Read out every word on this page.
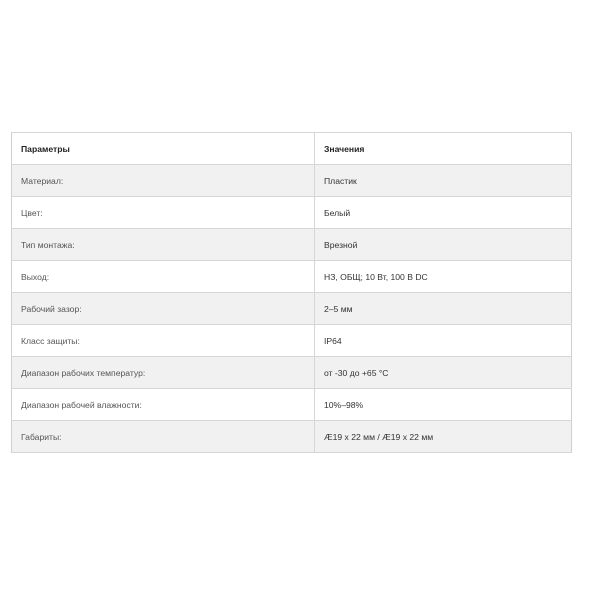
Параметры	Значения
Материал:	Пластик
Цвет:	Белый
Тип монтажа:	Врезной
Выход:	НЗ, ОБЩ; 10 Вт, 100 В DC
Рабочий зазор:	2–5 мм
Класс защиты:	IP64
Диапазон рабочих температур:	от -30 до +65 °C
Диапазон рабочей влажности:	10%–98%
Габариты:	Æ19 x 22 мм / Æ19 x 22 мм
